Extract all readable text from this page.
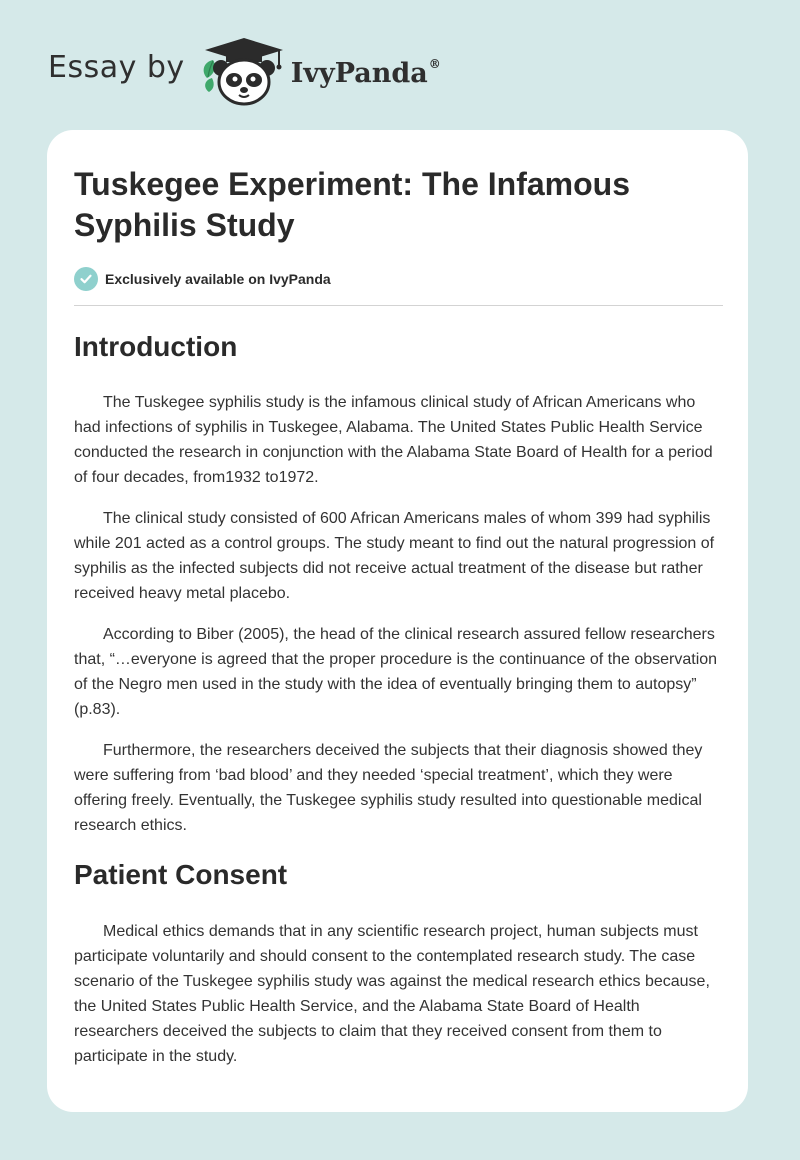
Essay by	IvyPanda®
Tuskegee Experiment: The Infamous Syphilis Study
Exclusively available on IvyPanda
Introduction

The Tuskegee syphilis study is the infamous clinical study of African Americans who had infections of syphilis in Tuskegee, Alabama. The United States Public Health Service conducted the research in conjunction with the Alabama State Board of Health for a period of four decades, from1932 to1972.

The clinical study consisted of 600 African Americans males of whom 399 had syphilis while 201 acted as a control groups. The study meant to find out the natural progression of syphilis as the infected subjects did not receive actual treatment of the disease but rather received heavy metal placebo.

According to Biber (2005), the head of the clinical research assured fellow researchers that, “…everyone is agreed that the proper procedure is the continuance of the observation of the Negro men used in the study with the idea of eventually bringing them to autopsy” (p.83).

Furthermore, the researchers deceived the subjects that their diagnosis showed they were suffering from ‘bad blood’ and they needed ‘special treatment’, which they were offering freely. Eventually, the Tuskegee syphilis study resulted into questionable medical research ethics.

Patient Consent

Medical ethics demands that in any scientific research project, human subjects must participate voluntarily and should consent to the contemplated research study. The case scenario of the Tuskegee syphilis study was against the medical research ethics because, the United States Public Health Service, and the Alabama State Board of Health researchers deceived the subjects to claim that they received consent from them to participate in the study.
